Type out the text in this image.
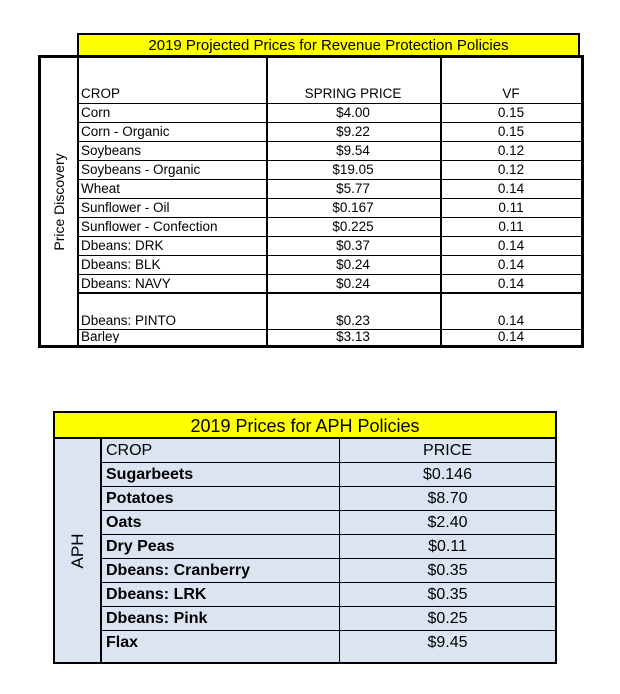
2019 Projected Prices for Revenue Protection Policies
Price Discovery
CROP	SPRING PRICE	VF
Corn	$4.00	0.15
Corn - Organic	$9.22	0.15
Soybeans	$9.54	0.12
Soybeans - Organic	$19.05	0.12
Wheat	$5.77	0.14
Sunflower - Oil	$0.167	0.11
Sunflower - Confection	$0.225	0.11
Dbeans: DRK	$0.37	0.14
Dbeans: BLK	$0.24	0.14
Dbeans: NAVY	$0.24	0.14
Dbeans: PINTO	$0.23	0.14
Barley	$3.13	0.14
2019 Prices for APH Policies
APH
CROP	PRICE
Sugarbeets	$0.146
Potatoes	$8.70
Oats	$2.40
Dry Peas	$0.11
Dbeans: Cranberry	$0.35
Dbeans: LRK	$0.35
Dbeans: Pink	$0.25
Flax	$9.45
